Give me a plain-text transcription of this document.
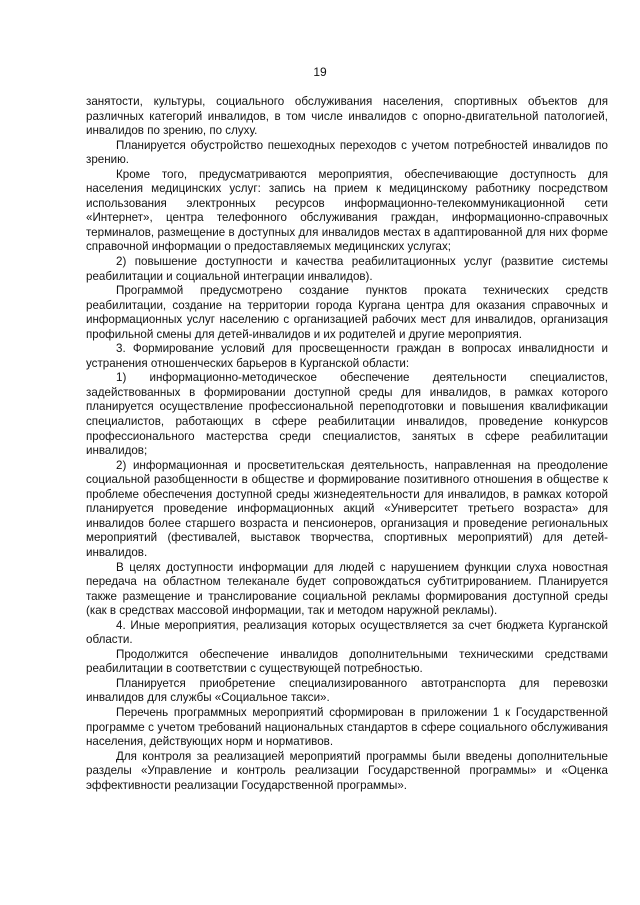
19

занятости, культуры, социального обслуживания населения, спортивных объектов для различных категорий инвалидов, в том числе инвалидов с опорно-двигательной патологией, инвалидов по зрению, по слуху.

Планируется обустройство пешеходных переходов с учетом потребностей инвалидов по зрению.

Кроме того, предусматриваются мероприятия, обеспечивающие доступность для населения медицинских услуг: запись на прием к медицинскому работнику посредством использования электронных ресурсов информационно-телекоммуникационной сети «Интернет», центра телефонного обслуживания граждан, информационно-справочных терминалов, размещение в доступных для инвалидов местах в адаптированной для них форме справочной информации о предоставляемых медицинских услугах;

2) повышение доступности и качества реабилитационных услуг (развитие системы реабилитации и социальной интеграции инвалидов).

Программой предусмотрено создание пунктов проката технических средств реабилитации, создание на территории города Кургана центра для оказания справочных и информационных услуг населению с организацией рабочих мест для инвалидов, организация профильной смены для детей-инвалидов и их родителей и другие мероприятия.

3. Формирование условий для просвещенности граждан в вопросах инвалидности и устранения отношенческих барьеров в Курганской области:

1) информационно-методическое обеспечение деятельности специалистов, задействованных в формировании доступной среды для инвалидов, в рамках которого планируется осуществление профессиональной переподготовки и повышения квалификации специалистов, работающих в сфере реабилитации инвалидов, проведение конкурсов профессионального мастерства среди специалистов, занятых в сфере реабилитации инвалидов;

2) информационная и просветительская деятельность, направленная на преодоление социальной разобщенности в обществе и формирование позитивного отношения в обществе к проблеме обеспечения доступной среды жизнедеятельности для инвалидов, в рамках которой планируется проведение информационных акций «Университет третьего возраста» для инвалидов более старшего возраста и пенсионеров, организация и проведение региональных мероприятий (фестивалей, выставок творчества, спортивных мероприятий) для детей-инвалидов.

В целях доступности информации для людей с нарушением функции слуха новостная передача на областном телеканале будет сопровождаться субтитрированием. Планируется также размещение и транслирование социальной рекламы формирования доступной среды (как в средствах массовой информации, так и методом наружной рекламы).

4. Иные мероприятия, реализация которых осуществляется за счет бюджета Курганской области.

Продолжится обеспечение инвалидов дополнительными техническими средствами реабилитации в соответствии с существующей потребностью.

Планируется приобретение специализированного автотранспорта для перевозки инвалидов для службы «Социальное такси».

Перечень программных мероприятий сформирован в приложении 1 к Государственной программе с учетом требований национальных стандартов в сфере социального обслуживания населения, действующих норм и нормативов.

Для контроля за реализацией мероприятий программы были введены дополнительные разделы «Управление и контроль реализации Государственной программы» и «Оценка эффективности реализации Государственной программы».
